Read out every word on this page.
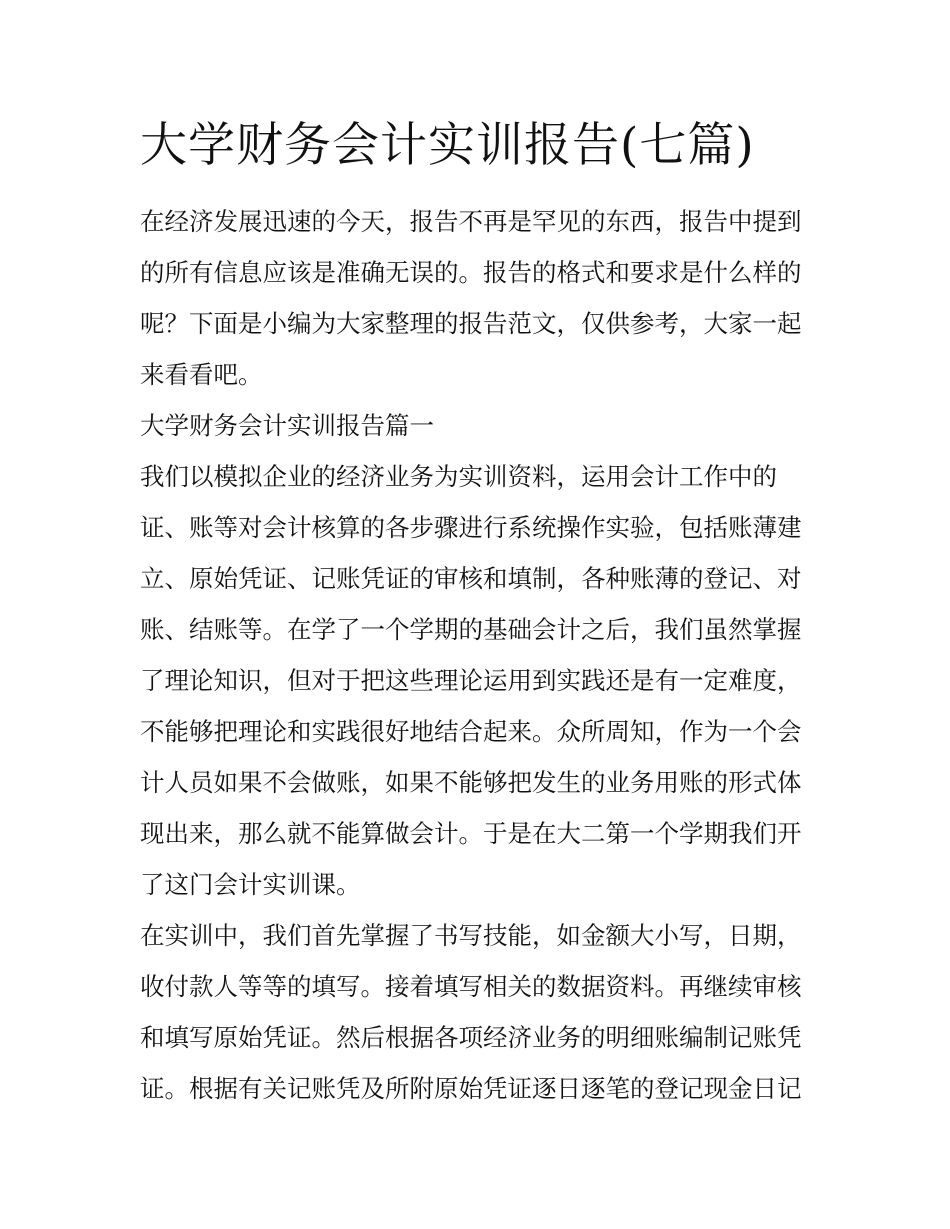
大学财务会计实训报告(七篇)

在经济发展迅速的今天，报告不再是罕见的东西，报告中提到

的所有信息应该是准确无误的。报告的格式和要求是什么样的

呢？下面是小编为大家整理的报告范文，仅供参考，大家一起

来看看吧。

大学财务会计实训报告篇一

我们以模拟企业的经济业务为实训资料，运用会计工作中的

证、账等对会计核算的各步骤进行系统操作实验，包括账薄建

立、原始凭证、记账凭证的审核和填制，各种账薄的登记、对

账、结账等。在学了一个学期的基础会计之后，我们虽然掌握

了理论知识，但对于把这些理论运用到实践还是有一定难度，

不能够把理论和实践很好地结合起来。众所周知，作为一个会

计人员如果不会做账，如果不能够把发生的业务用账的形式体

现出来，那么就不能算做会计。于是在大二第一个学期我们开

了这门会计实训课。

在实训中，我们首先掌握了书写技能，如金额大小写，日期，

收付款人等等的填写。接着填写相关的数据资料。再继续审核

和填写原始凭证。然后根据各项经济业务的明细账编制记账凭

证。根据有关记账凭及所附原始凭证逐日逐笔的登记现金日记
